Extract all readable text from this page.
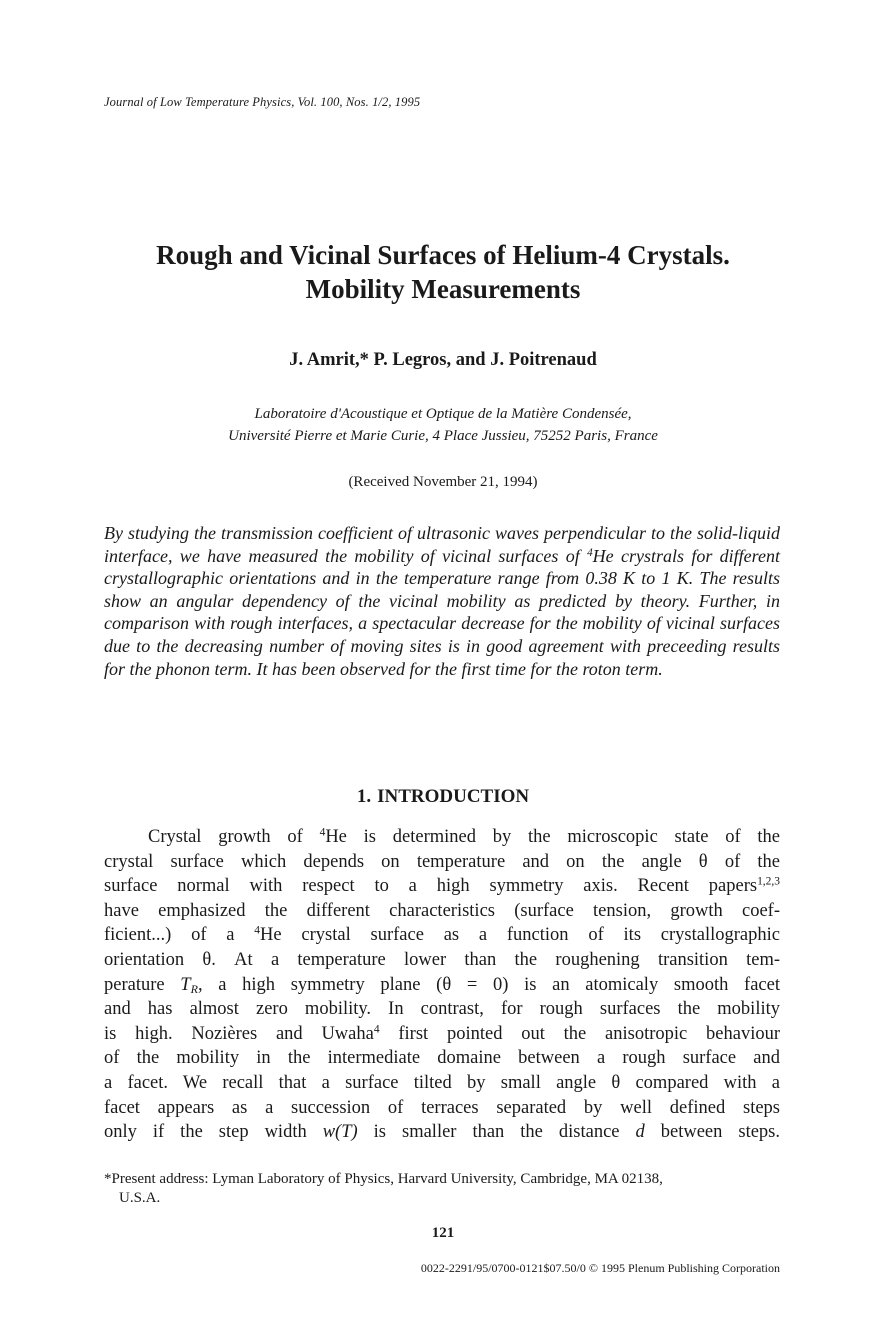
Journal of Low Temperature Physics, Vol. 100, Nos. 1/2, 1995
Rough and Vicinal Surfaces of Helium-4 Crystals.
Mobility Measurements
J. Amrit,* P. Legros, and J. Poitrenaud
Laboratoire d'Acoustique et Optique de la Matière Condensée,
Université Pierre et Marie Curie, 4 Place Jussieu, 75252 Paris, France
(Received November 21, 1994)
By studying the transmission coefficient of ultrasonic waves perpendicular to the solid-liquid interface, we have measured the mobility of vicinal surfaces of $^4$He crystrals for different crystallographic orientations and in the temperature range from 0.38 K to 1 K. The results show an angular dependency of the vicinal mobility as predicted by theory. Further, in comparison with rough interfaces, a spectacular decrease for the mobility of vicinal surfaces due to the decreasing number of moving sites is in good agreement with preceeding results for the phonon term. It has been observed for the first time for the roton term.
1. INTRODUCTION
Crystal growth of $^4$He is determined by the microscopic state of the
crystal surface which depends on temperature and on the angle θ of the
surface normal with respect to a high symmetry axis. Recent papers$^{1,2,3}$
have emphasized the different characteristics (surface tension, growth coef-
ficient...) of a $^4$He crystal surface as a function of its crystallographic
orientation θ. At a temperature lower than the roughening transition tem-
perature $T_R$, a high symmetry plane (θ = 0) is an atomicaly smooth facet
and has almost zero mobility. In contrast, for rough surfaces the mobility
is high. Nozières and Uwaha$^4$ first pointed out the anisotropic behaviour
of the mobility in the intermediate domaine between a rough surface and
a facet. We recall that a surface tilted by small angle θ compared with a
facet appears as a succession of terraces separated by well defined steps
only if the step width w(T) is smaller than the distance d between steps.
*Present address: Lyman Laboratory of Physics, Harvard University, Cambridge, MA 02138,
U.S.A.
121
0022-2291/95/0700-0121$07.50/0 © 1995 Plenum Publishing Corporation
